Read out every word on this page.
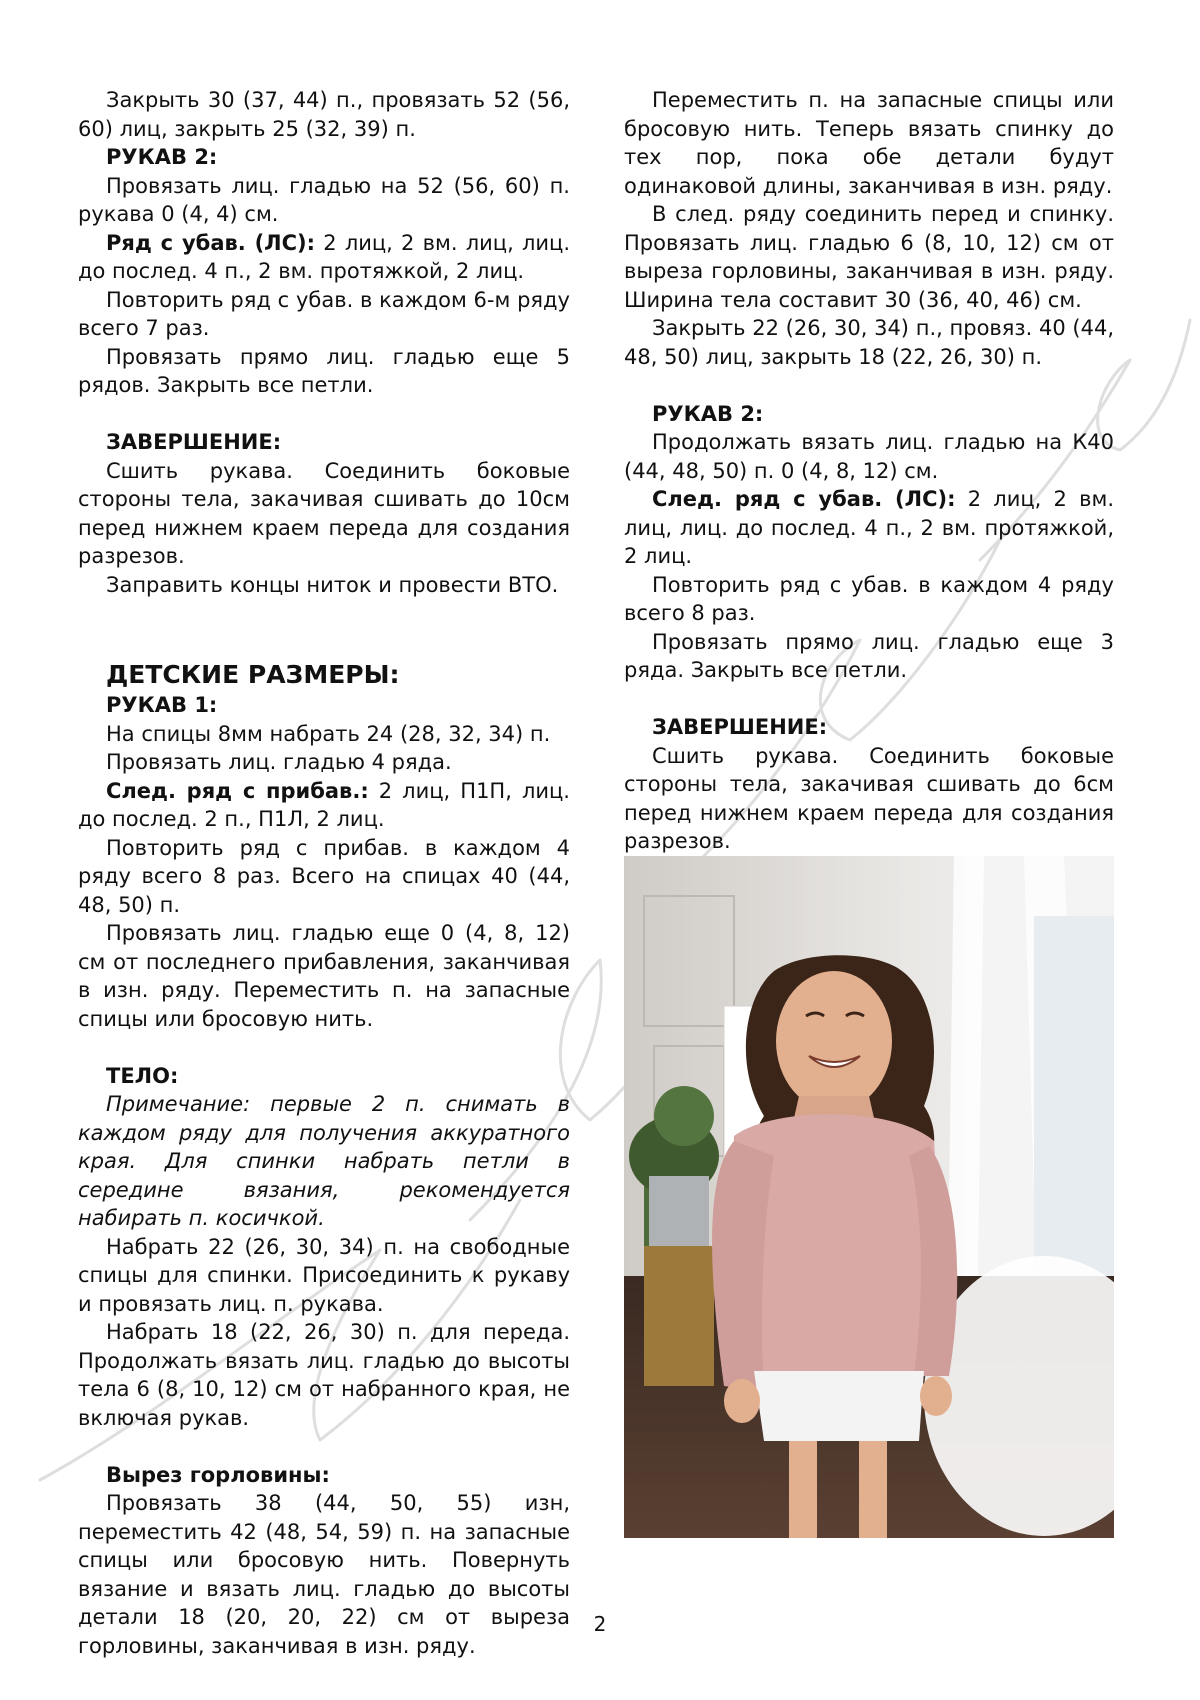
Закрыть 30 (37, 44) п., провязать 52 (56, 60) лиц, закрыть 25 (32, 39) п.

РУКАВ 2:

Провязать лиц. гладью на 52 (56, 60) п. рукава 0 (4, 4) см.

Ряд с убав. (ЛС): 2 лиц, 2 вм. лиц, лиц. до послед. 4 п., 2 вм. протяжкой, 2 лиц.

Повторить ряд с убав. в каждом 6-м ряду всего 7 раз.

Провязать прямо лиц. гладью еще 5 рядов. Закрыть все петли.

ЗАВЕРШЕНИЕ:

Сшить рукава. Соединить боковые стороны тела, закачивая сшивать до 10см перед нижнем краем переда для создания разрезов.

Заправить концы ниток и провести ВТО.

ДЕТСКИЕ РАЗМЕРЫ:

РУКАВ 1:

На спицы 8мм набрать 24 (28, 32, 34) п.

Провязать лиц. гладью 4 ряда.

След. ряд с прибав.: 2 лиц, П1П, лиц. до послед. 2 п., П1Л, 2 лиц.

Повторить ряд с прибав. в каждом 4 ряду всего 8 раз. Всего на спицах 40 (44, 48, 50) п.

Провязать лиц. гладью еще 0 (4, 8, 12) см от последнего прибавления, заканчивая в изн. ряду. Переместить п. на запасные спицы или бросовую нить.

ТЕЛО:

Примечание: первые 2 п. снимать в каждом ряду для получения аккуратного края. Для спинки набрать петли в середине вязания, рекомендуется набирать п. косичкой.

Набрать 22 (26, 30, 34) п. на свободные спицы для спинки. Присоединить к рукаву и провязать лиц. п. рукава.

Набрать 18 (22, 26, 30) п. для переда. Продолжать вязать лиц. гладью до высоты тела 6 (8, 10, 12) см от набранного края, не включая рукав.

Вырез горловины:

Провязать 38 (44, 50, 55) изн, переместить 42 (48, 54, 59) п. на запасные спицы или бросовую нить. Повернуть вязание и вязать лиц. гладью до высоты детали 18 (20, 20, 22) см от выреза горловины, заканчивая в изн. ряду.

Переместить п. на запасные спицы или бросовую нить. Теперь вязать спинку до тех пор, пока обе детали будут одинаковой длины, заканчивая в изн. ряду.

В след. ряду соединить перед и спинку. Провязать лиц. гладью 6 (8, 10, 12) см от выреза горловины, заканчивая в изн. ряду. Ширина тела составит 30 (36, 40, 46) см.

Закрыть 22 (26, 30, 34) п., провяз. 40 (44, 48, 50) лиц, закрыть 18 (22, 26, 30) п.

РУКАВ 2:

Продолжать вязать лиц. гладью на К40 (44, 48, 50) п. 0 (4, 8, 12) см.

След. ряд с убав. (ЛС): 2 лиц, 2 вм. лиц, лиц. до послед. 4 п., 2 вм. протяжкой, 2 лиц.

Повторить ряд с убав. в каждом 4 ряду всего 8 раз.

Провязать прямо лиц. гладью еще 3 ряда. Закрыть все петли.

ЗАВЕРШЕНИЕ:

Сшить рукава. Соединить боковые стороны тела, закачивая сшивать до 6см перед нижнем краем переда для создания разрезов.

2
